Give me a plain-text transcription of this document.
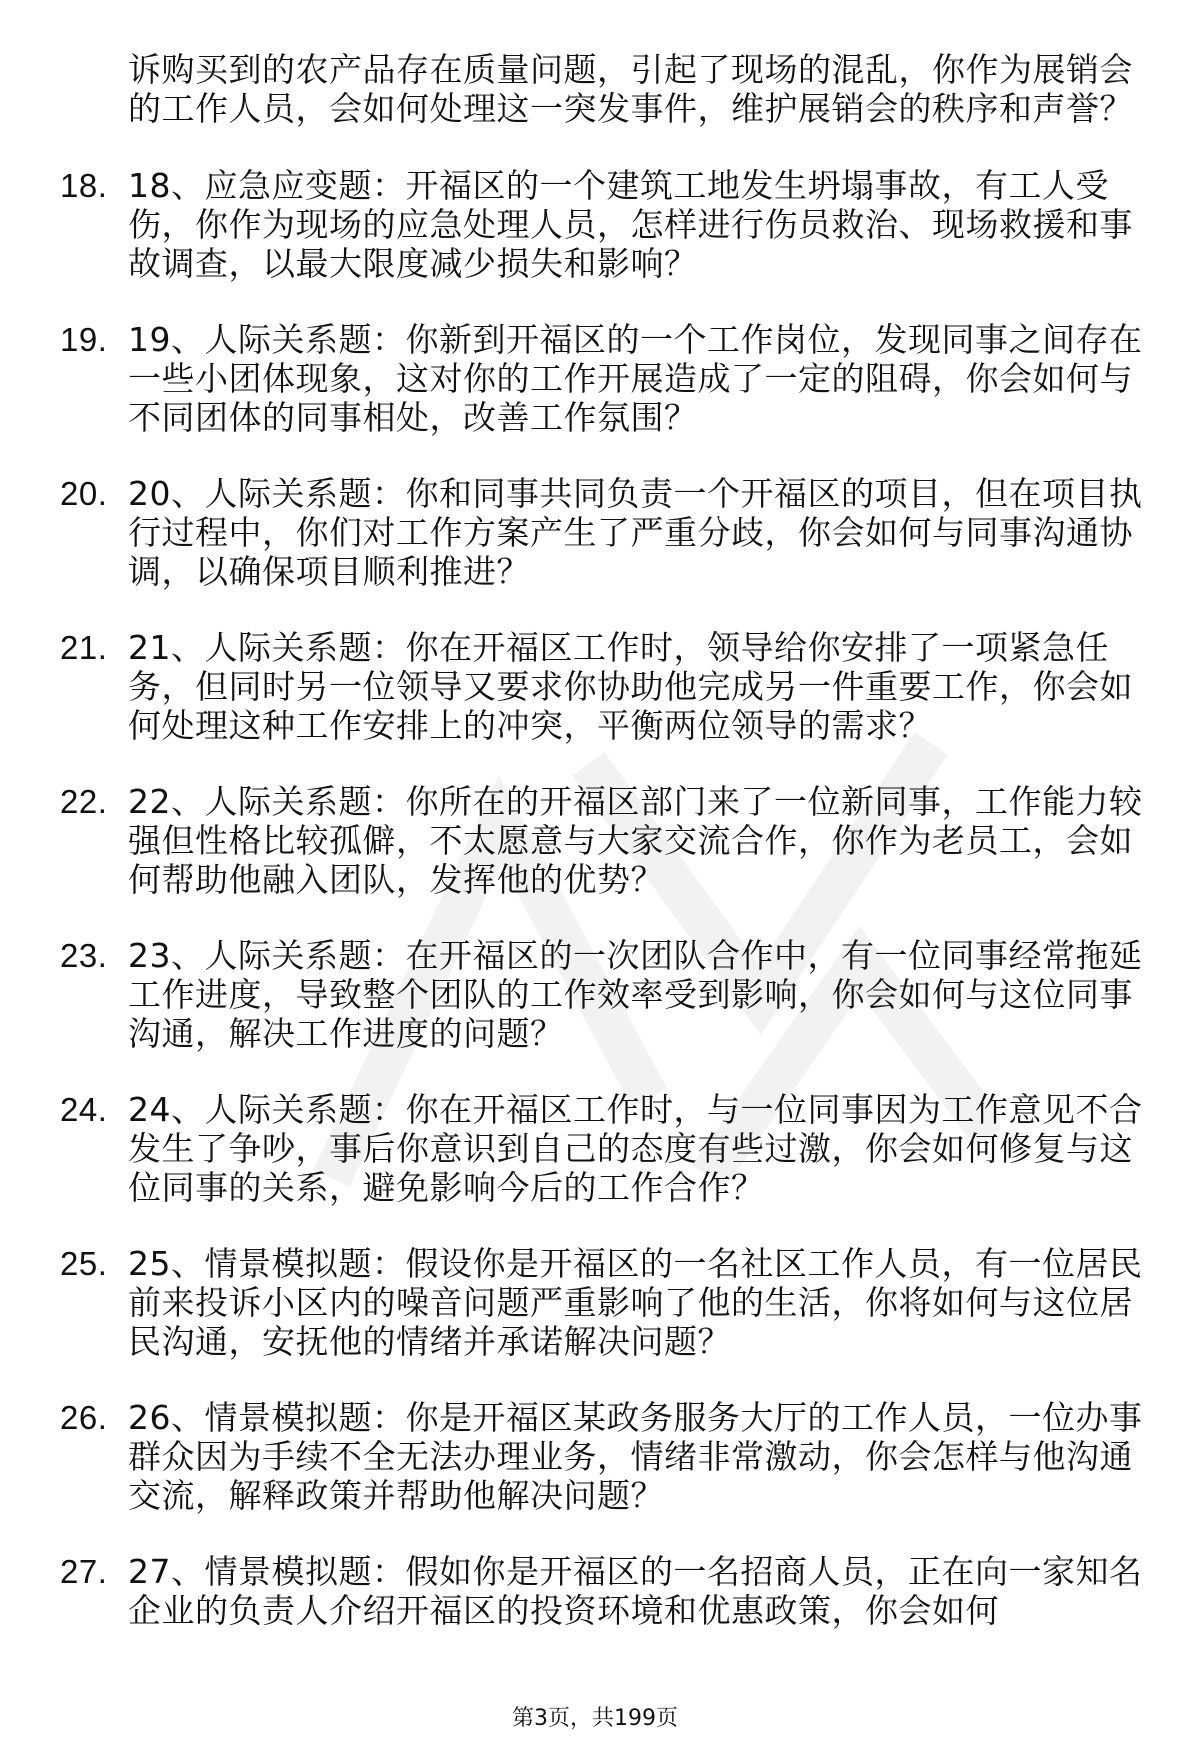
诉购买到的农产品存在质量问题，引起了现场的混乱，你作为展销会的工作人员，会如何处理这一突发事件，维护展销会的秩序和声誉？
18. 18、应急应变题：开福区的一个建筑工地发生坍塌事故，有工人受伤，你作为现场的应急处理人员，怎样进行伤员救治、现场救援和事故调查，以最大限度减少损失和影响？
19. 19、人际关系题：你新到开福区的一个工作岗位，发现同事之间存在一些小团体现象，这对你的工作开展造成了一定的阻碍，你会如何与不同团体的同事相处，改善工作氛围？
20. 20、人际关系题：你和同事共同负责一个开福区的项目，但在项目执行过程中，你们对工作方案产生了严重分歧，你会如何与同事沟通协调，以确保项目顺利推进？
21. 21、人际关系题：你在开福区工作时，领导给你安排了一项紧急任务，但同时另一位领导又要求你协助他完成另一件重要工作，你会如何处理这种工作安排上的冲突，平衡两位领导的需求？
22. 22、人际关系题：你所在的开福区部门来了一位新同事，工作能力较强但性格比较孤僻，不太愿意与大家交流合作，你作为老员工，会如何帮助他融入团队，发挥他的优势？
23. 23、人际关系题：在开福区的一次团队合作中，有一位同事经常拖延工作进度，导致整个团队的工作效率受到影响，你会如何与这位同事沟通，解决工作进度的问题？
24. 24、人际关系题：你在开福区工作时，与一位同事因为工作意见不合发生了争吵，事后你意识到自己的态度有些过激，你会如何修复与这位同事的关系，避免影响今后的工作合作？
25. 25、情景模拟题：假设你是开福区的一名社区工作人员，有一位居民前来投诉小区内的噪音问题严重影响了他的生活，你将如何与这位居民沟通，安抚他的情绪并承诺解决问题？
26. 26、情景模拟题：你是开福区某政务服务大厅的工作人员，一位办事群众因为手续不全无法办理业务，情绪非常激动，你会怎样与他沟通交流，解释政策并帮助他解决问题？
27. 27、情景模拟题：假如你是开福区的一名招商人员，正在向一家知名企业的负责人介绍开福区的投资环境和优惠政策，你会如何
第3页，共199页
